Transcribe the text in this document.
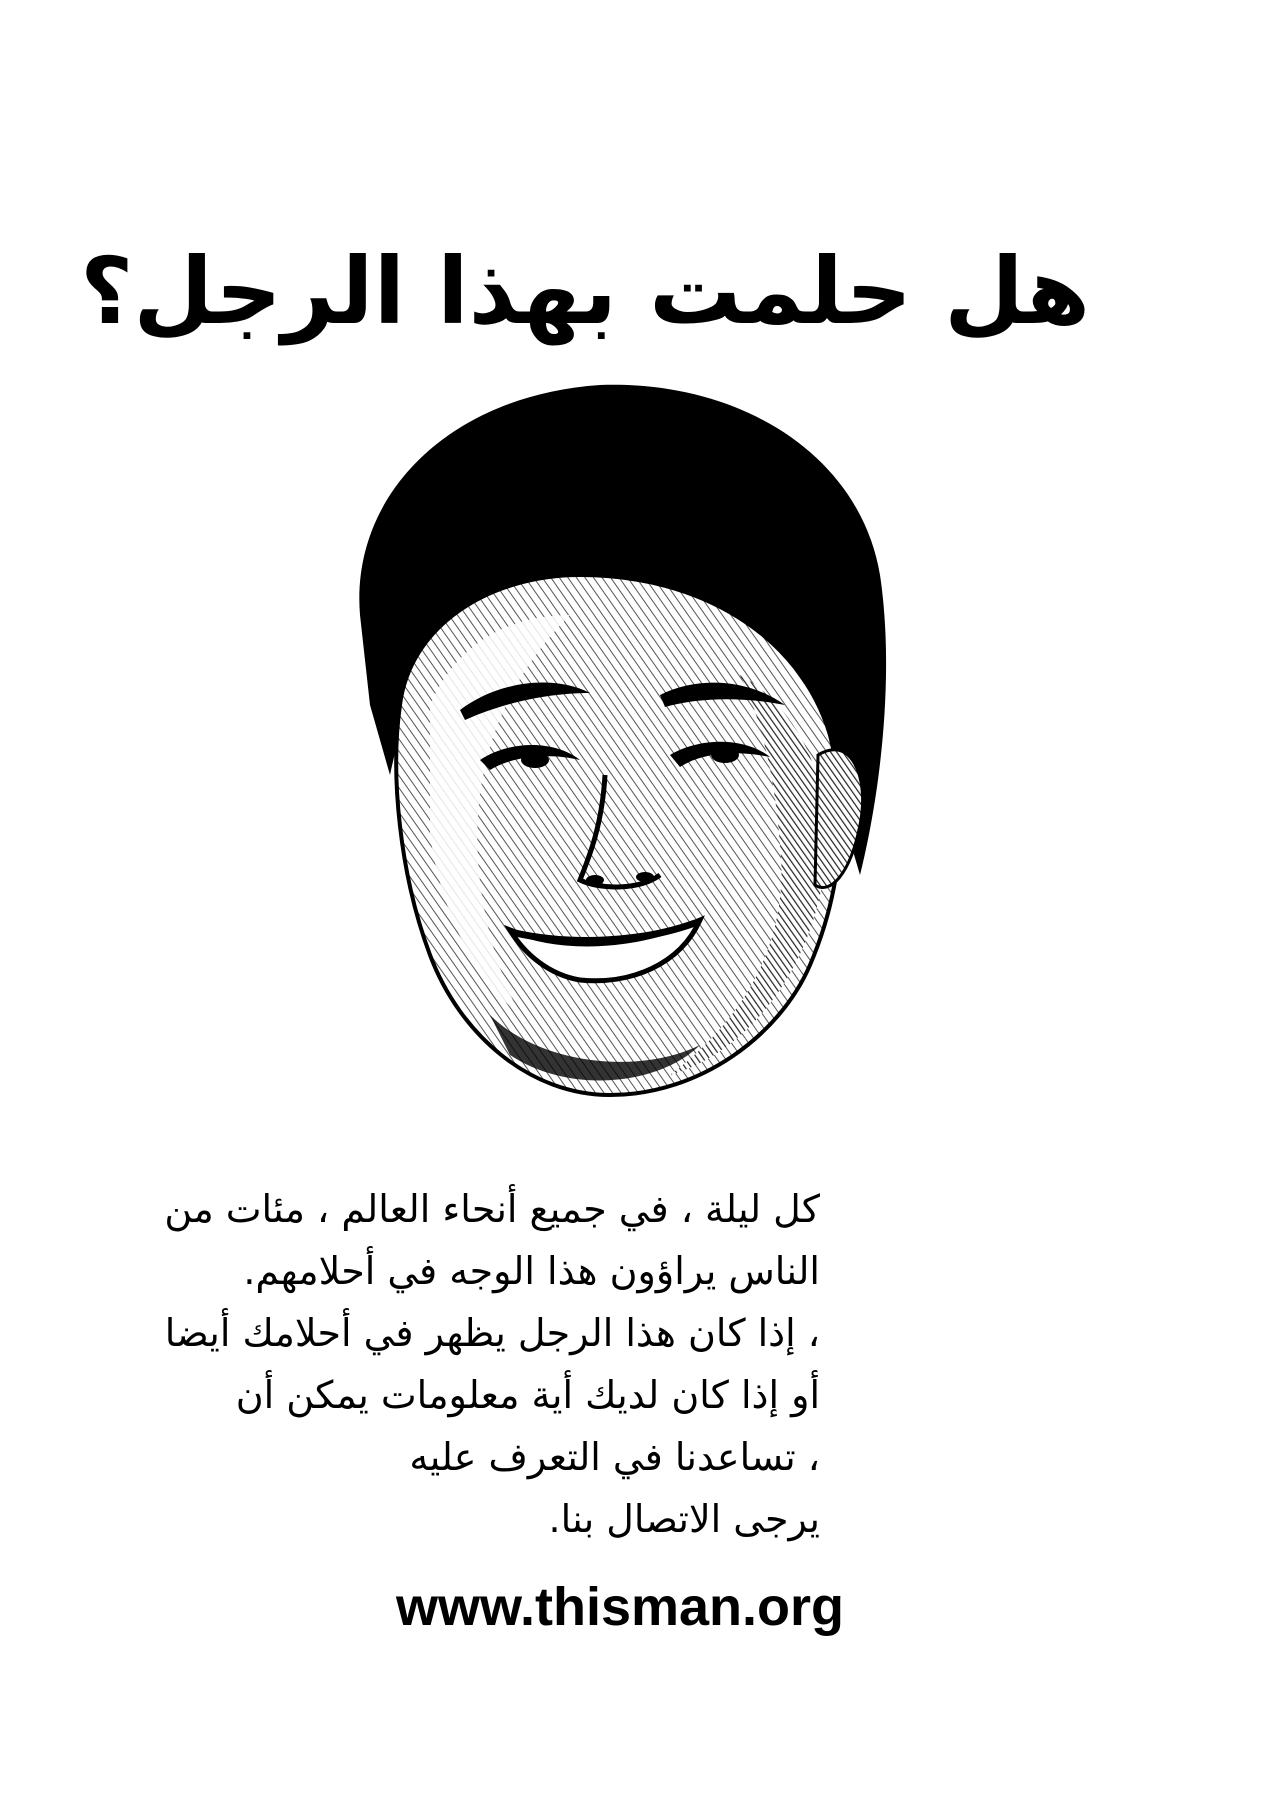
هل حلمت بهذا الرجل؟
كل ليلة ، في جميع أنحاء العالم ، مئات من
الناس يراؤون هذا الوجه في أحلامهم.
، إذا كان هذا الرجل يظهر في أحلامك أيضا
أو إذا كان لديك أية معلومات يمكن أن
، تساعدنا في التعرف عليه
يرجى الاتصال بنا.
www.thisman.org
